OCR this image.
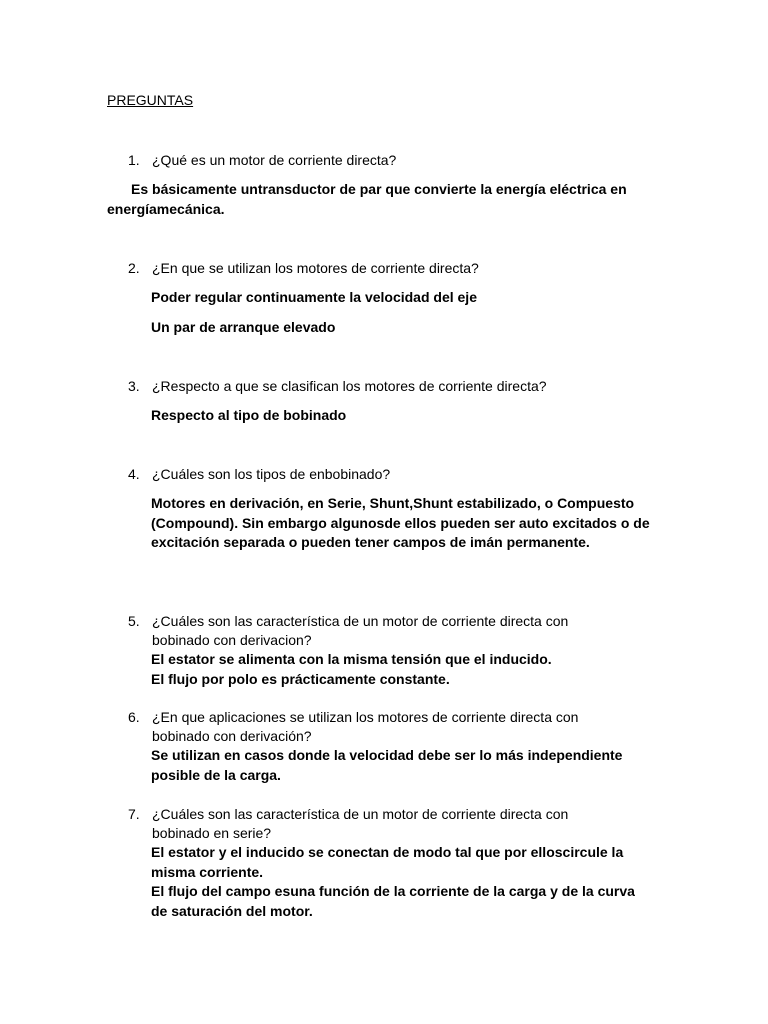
PREGUNTAS
1. ¿Qué es un motor de corriente directa?

Es básicamente untransductor de par que convierte la energía eléctrica en energíamecánica.

2. ¿En que se utilizan los motores de corriente directa?

Poder regular continuamente la velocidad del eje

Un par de arranque elevado

3. ¿Respecto a que se clasifican los motores de corriente directa?

Respecto al tipo de bobinado

4. ¿Cuáles son los tipos de enbobinado?

Motores en derivación, en Serie, Shunt,Shunt estabilizado, o Compuesto (Compound). Sin embargo algunosde ellos pueden ser auto excitados o de excitación separada o pueden tener campos de imán permanente.

5. ¿Cuáles son las característica de un motor de corriente directa con bobinado con derivacion?

El estator se alimenta con la misma tensión que el inducido.

El flujo por polo es prácticamente constante.

6. ¿En que aplicaciones se utilizan los motores de corriente directa con bobinado con derivación?

Se utilizan en casos donde la velocidad debe ser lo más independiente posible de la carga.

7. ¿Cuáles son las característica de un motor de corriente directa con bobinado en serie?

El estator y el inducido se conectan de modo tal que por elloscircule la misma corriente.

El flujo del campo esuna función de la corriente de la carga y de la curva de saturación del motor.
